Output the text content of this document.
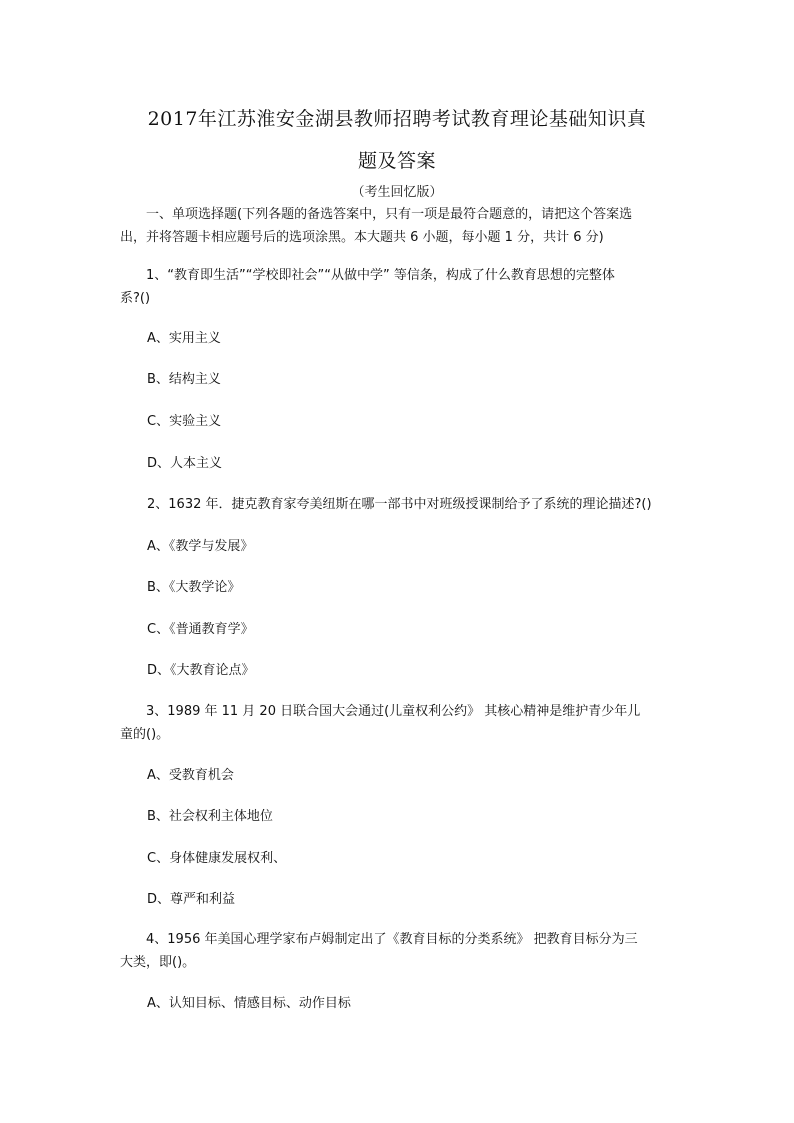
2017年江苏淮安金湖县教师招聘考试教育理论基础知识真
题及答案
（考生回忆版）
一、单项选择题(下列各题的备选答案中，只有一项是最符合题意的，请把这个答案选
出，并将答题卡相应题号后的选项涂黑。本大题共 6 小题，每小题 1 分，共计 6 分)
1、“教育即生活”“学校即社会”“从做中学” 等信条，构成了什么教育思想的完整体
系?()
A、实用主义
B、结构主义
C、实验主义
D、人本主义
2、1632 年．捷克教育家夸美纽斯在哪一部书中对班级授课制给予了系统的理论描述?()
A、《教学与发展》
B、《大教学论》
C、《普通教育学》
D、《大教育论点》
3、1989 年 11 月 20 日联合国大会通过(儿童权利公约》 其核心精神是维护青少年儿
童的()。
A、受教育机会
B、社会权利主体地位
C、身体健康发展权利、
D、尊严和利益
4、1956 年美国心理学家布卢姆制定出了《教育目标的分类系统》 把教育目标分为三
大类，即()。
A、认知目标、情感目标、动作目标
